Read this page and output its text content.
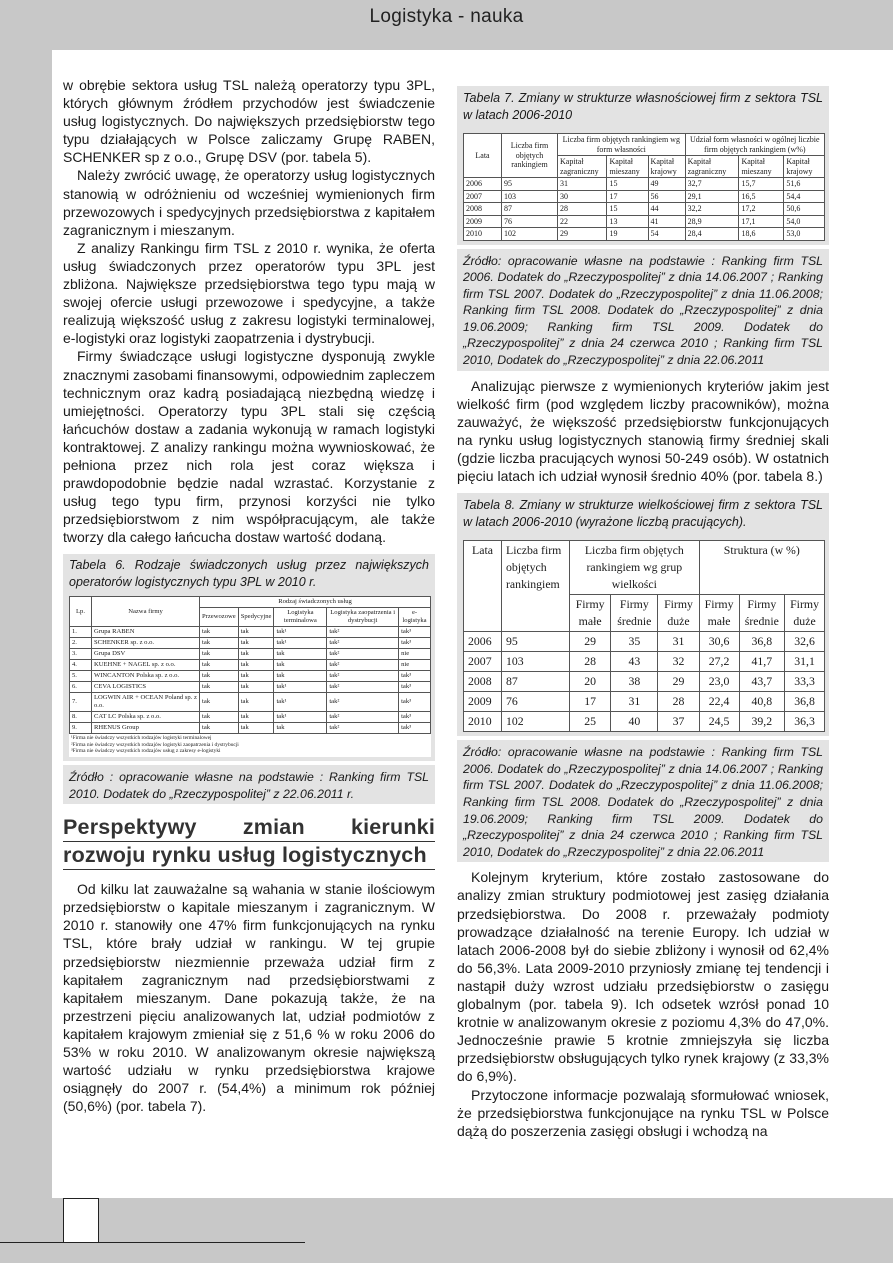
Logistyka - nauka

w obrębie sektora usług TSL należą operatorzy typu 3PL, których głównym źródłem przychodów jest świadczenie usług logistycznych. Do największych przedsiębiorstw tego typu działających w Polsce zaliczamy Grupę RABEN, SCHENKER sp z o.o., Grupę DSV (por. tabela 5).

Należy zwrócić uwagę, że operatorzy usług logistycznych stanowią w odróżnieniu od wcześniej wymienionych firm przewozowych i spedycyjnych przedsiębiorstwa z kapitałem zagranicznym i mieszanym.

Z analizy Rankingu firm TSL z 2010 r. wynika, że oferta usług świadczonych przez operatorów typu 3PL jest zbliżona. Największe przedsiębiorstwa tego typu mają w swojej ofercie usługi przewozowe i spedycyjne, a także realizują większość usług z zakresu logistyki terminalowej, e-logistyki oraz logistyki zaopatrzenia i dystrybucji.

Firmy świadczące usługi logistyczne dysponują zwykle znacznymi zasobami finansowymi, odpowiednim zapleczem technicznym oraz kadrą posiadającą niezbędną wiedzę i umiejętności. Operatorzy typu 3PL stali się częścią łańcuchów dostaw a zadania wykonują w ramach logistyki kontraktowej. Z analizy rankingu można wywnioskować, że pełniona przez nich rola jest coraz większa i prawdopodobnie będzie nadal wzrastać. Korzystanie z usług tego typu firm, przynosi korzyści nie tylko przedsiębiorstwom z nim współpracującym, ale także tworzy dla całego łańcucha dostaw wartość dodaną.

Tabela 6. Rodzaje świadczonych usług przez największych operatorów logistycznych typu 3PL w 2010 r.
Lp.	Nazwa firmy	Rodzaj świadczonych usług				
		Przewozowe	Spedycyjne	Logistyka terminalowa	Logistyka zaopatrzenia i dystrybucji	e-logistyka
1.	Grupa RABEN	tak	tak	tak¹	tak²	tak³
2.	SCHENKER sp. z o.o.	tak	tak	tak¹	tak²	tak³
3.	Grupa DSV	tak	tak	tak	tak²	nie
4.	KUEHNE + NAGEL sp. z o.o.	tak	tak	tak	tak²	nie
5.	WINCANTON Polska sp. z o.o.	tak	tak	tak	tak²	tak³
6.	CEVA LOGISTICS	tak	tak	tak¹	tak²	tak³
7.	LOGWIN AIR + OCEAN Poland sp. z o.o.	tak	tak	tak¹	tak²	tak³
8.	CAT LC Polska sp. z o.o.	tak	tak	tak¹	tak²	tak³
9.	RHENUS Group	tak	tak	tak	tak²	tak³
¹Firma nie świadczy wszystkich rodzajów logistyki terminalowej
²Firma nie świadczy wszystkich rodzajów logistyki zaopatrzenia i dystrybucji
³Firma nie świadczy wszystkich rodzajów usług z zakresy e-logistyki
Źródło : opracowanie własne na podstawie : Ranking firm TSL 2010. Dodatek do „Rzeczypospolitej” z 22.06.2011 r.
Perspektywy zmian kierunki
rozwoju rynku usług logistycznych

Od kilku lat zauważalne są wahania w stanie ilościowym przedsiębiorstw o kapitale mieszanym i zagranicznym. W 2010 r. stanowiły one 47% firm funkcjonujących na rynku TSL, które brały udział w rankingu. W tej grupie przedsiębiorstw niezmiennie przeważa udział firm z kapitałem zagranicznym nad przedsiębiorstwami z kapitałem mieszanym. Dane pokazują także, że na przestrzeni pięciu analizowanych lat, udział podmiotów z kapitałem krajowym zmieniał się z 51,6 % w roku 2006 do 53% w roku 2010. W analizowanym okresie największą wartość udziału w rynku przedsiębiorstwa krajowe osiągnęły do 2007 r. (54,4%) a minimum rok później (50,6%) (por. tabela 7).

Tabela 7. Zmiany w strukturze własnościowej firm z sektora TSL w latach 2006-2010
Lata	Liczba firm objętych rankingiem	Liczba firm objętych rankingiem wg form własności			Udział form własności w ogólnej liczbie firm objętych rankingiem (w%)		
		Kapitał zagraniczny	Kapitał mieszany	Kapitał krajowy	Kapitał zagraniczny	Kapitał mieszany	Kapitał krajowy
2006	95	31	15	49	32,7	15,7	51,6
2007	103	30	17	56	29,1	16,5	54,4
2008	87	28	15	44	32,2	17,2	50,6
2009	76	22	13	41	28,9	17,1	54,0
2010	102	29	19	54	28,4	18,6	53,0
Źródło: opracowanie własne na podstawie : Ranking firm TSL 2006. Dodatek do „Rzeczypospolitej” z dnia 14.06.2007 ; Ranking firm TSL 2007. Dodatek do „Rzeczypospolitej” z dnia 11.06.2008; Ranking firm TSL 2008. Dodatek do „Rzeczypospolitej” z dnia 19.06.2009; Ranking firm TSL 2009. Dodatek do „Rzeczypospolitej” z dnia 24 czerwca 2010 ; Ranking firm TSL 2010, Dodatek do „Rzeczypospolitej” z dnia 22.06.2011

Analizując pierwsze z wymienionych kryteriów jakim jest wielkość firm (pod względem liczby pracowników), można zauważyć, że większość przedsiębiorstw funkcjonujących na rynku usług logistycznych stanowią firmy średniej skali (gdzie liczba pracujących wynosi 50-249 osób). W ostatnich pięciu latach ich udział wynosił średnio 40% (por. tabela 8.)

Tabela 8. Zmiany w strukturze wielkościowej firm z sektora TSL w latach 2006-2010 (wyrażone liczbą pracujących).
Lata	Liczba firm objętych rankingiem	Liczba firm objętych rankingiem wg grup wielkości			Struktura (w %)		
		Firmy małe	Firmy średnie	Firmy duże	Firmy małe	Firmy średnie	Firmy duże
2006	95	29	35	31	30,6	36,8	32,6
2007	103	28	43	32	27,2	41,7	31,1
2008	87	20	38	29	23,0	43,7	33,3
2009	76	17	31	28	22,4	40,8	36,8
2010	102	25	40	37	24,5	39,2	36,3
Źródło: opracowanie własne na podstawie : Ranking firm TSL 2006. Dodatek do „Rzeczypospolitej” z dnia 14.06.2007 ; Ranking firm TSL 2007. Dodatek do „Rzeczypospolitej” z dnia 11.06.2008; Ranking firm TSL 2008. Dodatek do „Rzeczypospolitej” z dnia 19.06.2009; Ranking firm TSL 2009. Dodatek do „Rzeczypospolitej” z dnia 24 czerwca 2010 ; Ranking firm TSL 2010, Dodatek do „Rzeczypospolitej” z dnia 22.06.2011

Kolejnym kryterium, które zostało zastosowane do analizy zmian struktury podmiotowej jest zasięg działania przedsiębiorstwa. Do 2008 r. przeważały podmioty prowadzące działalność na terenie Europy. Ich udział w latach 2006-2008 był do siebie zbliżony i wynosił od 62,4% do 56,3%. Lata 2009-2010 przyniosły zmianę tej tendencji i nastąpił duży wzrost udziału przedsiębiorstw o zasięgu globalnym (por. tabela 9). Ich odsetek wzrósł ponad 10 krotnie w analizowanym okresie z poziomu 4,3% do 47,0%. Jednocześnie prawie 5 krotnie zmniejszyła się liczba przedsiębiorstw obsługujących tylko rynek krajowy (z 33,3% do 6,9%).

Przytoczone informacje pozwalają sformułować wniosek, że przedsiębiorstwa funkcjonujące na rynku TSL w Polsce dążą do poszerzenia zasięgi obsługi i wchodzą na
